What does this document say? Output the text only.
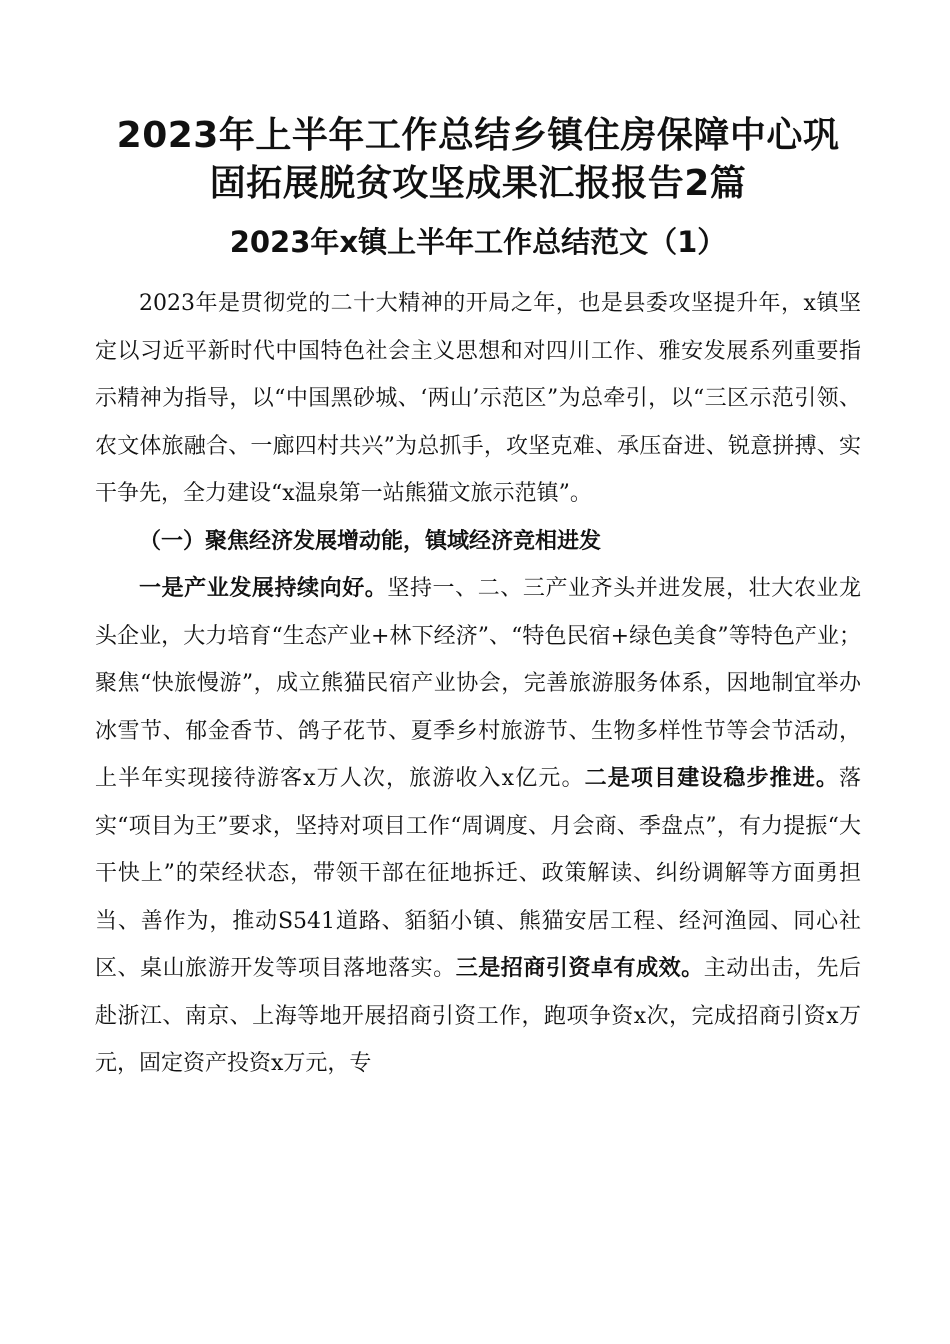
2023年上半年工作总结乡镇住房保障中心巩
固拓展脱贫攻坚成果汇报报告2篇
2023年x镇上半年工作总结范文（1）

2023年是贯彻党的二十大精神的开局之年，也是县委攻坚提升年，x镇坚定以习近平新时代中国特色社会主义思想和对四川工作、雅安发展系列重要指示精神为指导，以“中国黑砂城、‘两山’示范区”为总牵引，以“三区示范引领、农文体旅融合、一廊四村共兴”为总抓手，攻坚克难、承压奋进、锐意拼搏、实干争先，全力建设“x温泉第一站熊猫文旅示范镇”。

（一）聚焦经济发展增动能，镇域经济竞相进发

一是产业发展持续向好。坚持一、二、三产业齐头并进发展，壮大农业龙头企业，大力培育“生态产业+林下经济”、“特色民宿+绿色美食”等特色产业；聚焦“快旅慢游”，成立熊猫民宿产业协会，完善旅游服务体系，因地制宜举办冰雪节、郁金香节、鸽子花节、夏季乡村旅游节、生物多样性节等会节活动，上半年实现接待游客x万人次，旅游收入x亿元。二是项目建设稳步推进。落实“项目为王”要求，坚持对项目工作“周调度、月会商、季盘点”，有力提振“大干快上”的荣经状态，带领干部在征地拆迁、政策解读、纠纷调解等方面勇担当、善作为，推动S541道路、貊貊小镇、熊猫安居工程、经河渔园、同心社区、桌山旅游开发等项目落地落实。三是招商引资卓有成效。主动出击，先后赴浙江、南京、上海等地开展招商引资工作，跑项争资x次，完成招商引资x万元，固定资产投资x万元，专
